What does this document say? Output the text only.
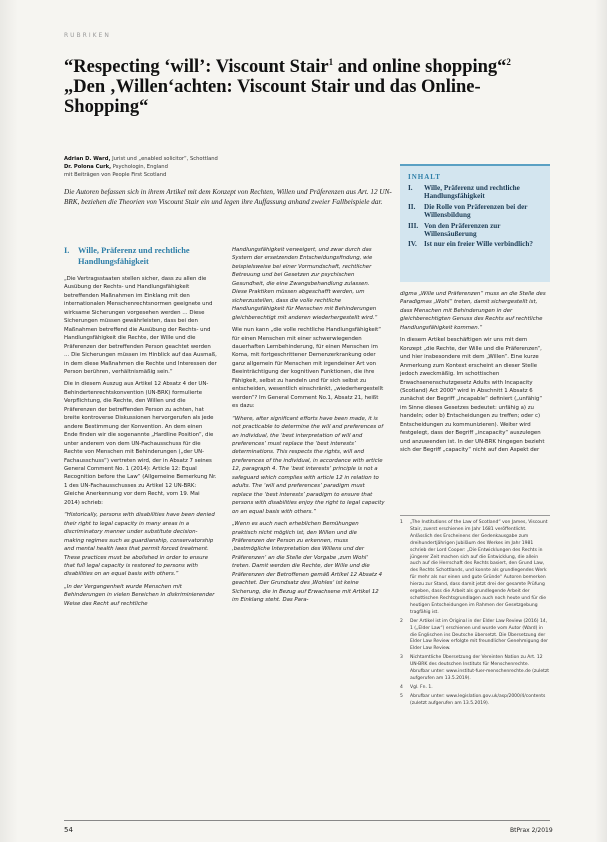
RUBRIKEN

“Respecting ‘will’: Viscount Stair$^1$ and online shopping“$^2$

„Den ‚Willen‘achten: Viscount Stair und das Online-

Shopping“

Adrian D. Ward, Jurist und „enabled solicitor“, Schottland
Dr. Polona Curk, Psychologin, England
mit Beiträgen von People First Scotland
Die Autoren befassen sich in ihrem Artikel mit dem Konzept von Rechten, Willen und Präferenzen aus Art. 12 UN-BRK, beziehen die Theorien von Viscount Stair ein und legen ihre Auffassung anhand zweier Fallbeispiele dar.
INHALT
I.	Wille, Präferenz und rechtliche Handlungsfähigkeit
II.	Die Rolle von Präferenzen bei der Willensbildung
III. Von den Präferenzen zur Willensäußerung
IV. Ist nur ein freier Wille verbindlich?
I.	Wille, Präferenz und rechtliche Handlungsfähigkeit

„Die Vertragsstaaten stellen sicher, dass zu allen die Ausübung der Rechts- und Handlungsfähigkeit betreffenden Maßnahmen im Einklang mit den internationalen Menschenrechtsnormen geeignete und wirksame Sicherungen vorgesehen werden … Diese Sicherungen müssen gewährleisten, dass bei den Maßnahmen betreffend die Ausübung der Rechts- und Handlungsfähigkeit die Rechte, der Wille und die Präferenzen der betreffenden Person geachtet werden … Die Sicherungen müssen im Hinblick auf das Ausmaß, in dem diese Maßnahmen die Rechte und Interessen der Person berühren, verhältnismäßig sein.“

Die in diesem Auszug aus Artikel 12 Absatz 4 der UN-Behindertenrechtskonvention (UN-BRK) formulierte Verpflichtung, die Rechte, den Willen und die Präferenzen der betreffenden Person zu achten, hat breite kontroverse Diskussionen hervorgerufen als jede andere Bestimmung der Konvention. An dem einen Ende finden wir die sogenannte „Hardline Position“, die unter anderem von dem UN-Fachausschuss für die Rechte von Menschen mit Behinderungen („der UN-Fachausschuss“) vertreten wird, der in Absatz 7 seines General Comment No. 1 (2014): Article 12: Equal Recognition before the Law“ (Allgemeine Bemerkung Nr. 1 des UN-Fachausschusses zu Artikel 12 UN-BRK: Gleiche Anerkennung vor dem Recht, vom 19. Mai 2014) schrieb:

“Historically, persons with disabilities have been denied their right to legal capacity in many areas in a discriminatory manner under substitute decision-making regimes such as guardianship, conservatorship and mental health laws that permit forced treatment. These practices must be abolished in order to ensure that full legal capacity is restored to persons with disabilities on an equal basis with others.”

„In der Vergangenheit wurde Menschen mit Behinderungen in vielen Bereichen in diskriminierender Weise das Recht auf rechtliche

Handlungsfähigkeit verweigert, und zwar durch das System der ersetzenden Entscheidungsfindung, wie beispielsweise bei einer Vormundschaft, rechtlicher Betreuung und bei Gesetzen zur psychischen Gesundheit, die eine Zwangsbehandlung zulassen. Diese Praktiken müssen abgeschafft werden, um sicherzustellen, dass die volle rechtliche Handlungsfähigkeit für Menschen mit Behinderungen gleichberechtigt mit anderen wiederhergestellt wird.“

Wie nun kann „die volle rechtliche Handlungsfähigkeit“ für einen Menschen mit einer schwerwiegenden dauerhaften Lernbehinderung, für einen Menschen im Koma, mit fortgeschrittener Demenzerkrankung oder ganz allgemein für Menschen mit irgendeiner Art von Beeinträchtigung der kognitiven Funktionen, die ihre Fähigkeit, selbst zu handeln und für sich selbst zu entscheiden, wesentlich einschränkt, „wiederhergestellt werden“? Im General Comment No.1, Absatz 21, heißt es dazu:

“Where, after significant efforts have been made, it is not practicable to determine the will and preferences of an individual, the ‘best interpretation of will and preferences’ must replace the ‘best interests’ determinations. This respects the rights, will and preferences of the individual, in accordance with article 12, paragraph 4. The ‘best interests’ principle is not a safeguard which complies with article 12 in relation to adults. The ‘will and preferences’ paradigm must replace the ‘best interests’ paradigm to ensure that persons with disabilities enjoy the right to legal capacity on an equal basis with others.”

„Wenn es auch nach erheblichen Bemühungen praktisch nicht möglich ist, den Willen und die Präferenzen der Person zu erkennen, muss ‚bestmögliche Interpretation des Willens und der Präferenzen‘ an die Stelle der Vorgabe ‚zum Wohl‘ treten. Damit werden die Rechte, der Wille und die Präferenzen der Betroffenen gemäß Artikel 12 Absatz 4 geachtet. Der Grundsatz des ‚Wohles‘ ist keine Sicherung, die in Bezug auf Erwachsene mit Artikel 12 im Einklang steht. Das Para-

digma „Wille und Präferenzen“ muss an die Stelle des Paradigmas „Wohl“ treten, damit sichergestellt ist, dass Menschen mit Behinderungen in der gleichberechtigten Genuss des Rechts auf rechtliche Handlungsfähigkeit kommen.“

In diesem Artikel beschäftigen wir uns mit dem Konzept „die Rechte, der Wille und die Präferenzen“, und hier insbesondere mit dem „Willen“. Eine kurze Anmerkung zum Kontext erscheint an dieser Stelle jedoch zweckmäßig. Im schottischen Erwachsenenschutzgesetz Adults with Incapacity (Scotland) Act 2000³ wird in Abschnitt 1 Absatz 6 zunächst der Begriff „incapable“ definiert („unfähig“ im Sinne dieses Gesetzes bedeutet: unfähig a) zu handeln; oder b) Entscheidungen zu treffen; oder c) Entscheidungen zu kommunizieren). Weiter wird festgelegt, dass der Begriff „incapacity“ auszulegen und anzuwenden ist. In der UN-BRK hingegen bezieht sich der Begriff „capacity“ nicht auf den Aspekt der

1	„The Institutions of the Law of Scotland“ von James, Viscount Stair, zuerst erschienen im Jahr 1681 veröffentlicht. Anlässlich des Erscheinens der Gedenkausgabe zum dreihundertjährigen Jubiläum des Werkes im Jahr 1981 schrieb der Lord Cooper: „Die Entwicklungen des Rechts in jüngerer Zeit machen sich auf die Entwicklung, die allein auch auf die Herrschaft des Rechts basiert, den Grund Law, des Rechts Schottlands, und konnte als grundlegendes Werk für mehr als nur einen und gute Gründe“ Autoren bemerken hierzu zur Stand, dass damit jetzt drei der gesamte Prüfung ergeben, dass die Arbeit als grundlegende Arbeit der schottischen Rechtsgrundlagen auch noch heute und für die heutigen Entscheidungen im Rahmen der Gesetzgebung tragfähig ist.
2	Der Artikel ist im Original in der Elder Law Review (2016) 14, 1 („Elder Law“) erschienen und wurde vom Autor (Ward) in die Englischen ins Deutsche übersetzt. Die Übersetzung der Elder Law Review erfolgte mit freundlicher Genehmigung der Elder Law Review.
3	Nichtamtliche Übersetzung der Vereinten Nation zu Art. 12 UN-BRK des deutschen Instituts für Menschenrechte. Abrufbar unter: www.institut-fuer-menschenrechte.de (zuletzt aufgerufen am 13.5.2019).
4	Vgl. Fn. 1.
5	Abrufbar unter: www.legislation.gov.uk/asp/2000/4/contents (zuletzt aufgerufen am 13.5.2019).
54	BtPrax 2/2019
